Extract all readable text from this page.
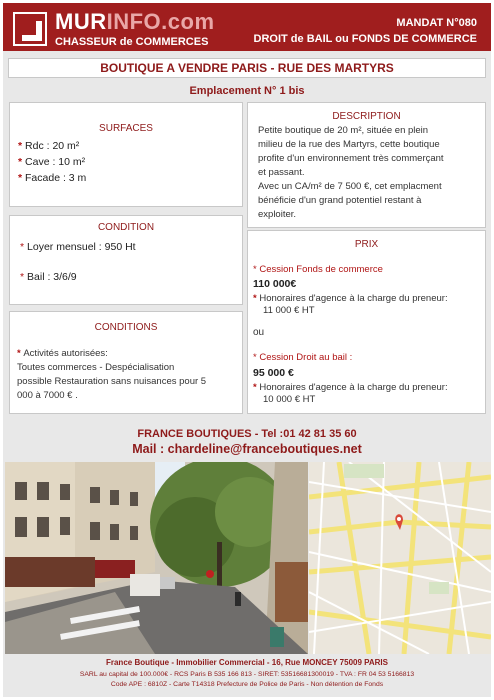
MURINFO.com
CHASSEUR de COMMERCES
MANDAT N°080
DROIT de BAIL ou FONDS DE COMMERCE
BOUTIQUE A VENDRE PARIS - RUE DES MARTYRS
Emplacement N° 1 bis
SURFACES
* Rdc : 20 m²
* Cave : 10 m²
* Facade : 3 m
DESCRIPTION
Petite boutique de 20 m², située en plein
milieu de la rue des Martyrs, cette boutique
profite d'un environnement très commerçant
et passant.
Avec un CA/m² de 7 500 €, cet emplacment
bénéficie d'un grand potentiel restant à
exploiter.
CONDITION
* Loyer mensuel : 950 Ht
* Bail : 3/6/9
PRIX
* Cession Fonds de commerce
110 000€
* Honoraires d'agence à la charge du preneur:
11 000 € HT
ou
* Cession Droit au bail :
95 000 €
* Honoraires d'agence à la charge du preneur:
10 000 € HT
CONDITIONS
* Activités autorisées:
Toutes commerces - Despécialisation
possible Restauration sans nuisances pour 5
000 à 7000 € .
FRANCE BOUTIQUES - Tel :01 42 81 35 60
Mail : chardeline@franceboutiques.net
France Boutique - Immobilier Commercial - 16, Rue MONCEY 75009 PARIS
SARL au capital de 100.000€ - RCS Paris B 535 166 813 - SIRET: 53516681300019 - TVA : FR 04 53 5166813
Code APE : 6810Z - Carte T14318 Prefecture de Police de Paris - Non détention de Fonds
